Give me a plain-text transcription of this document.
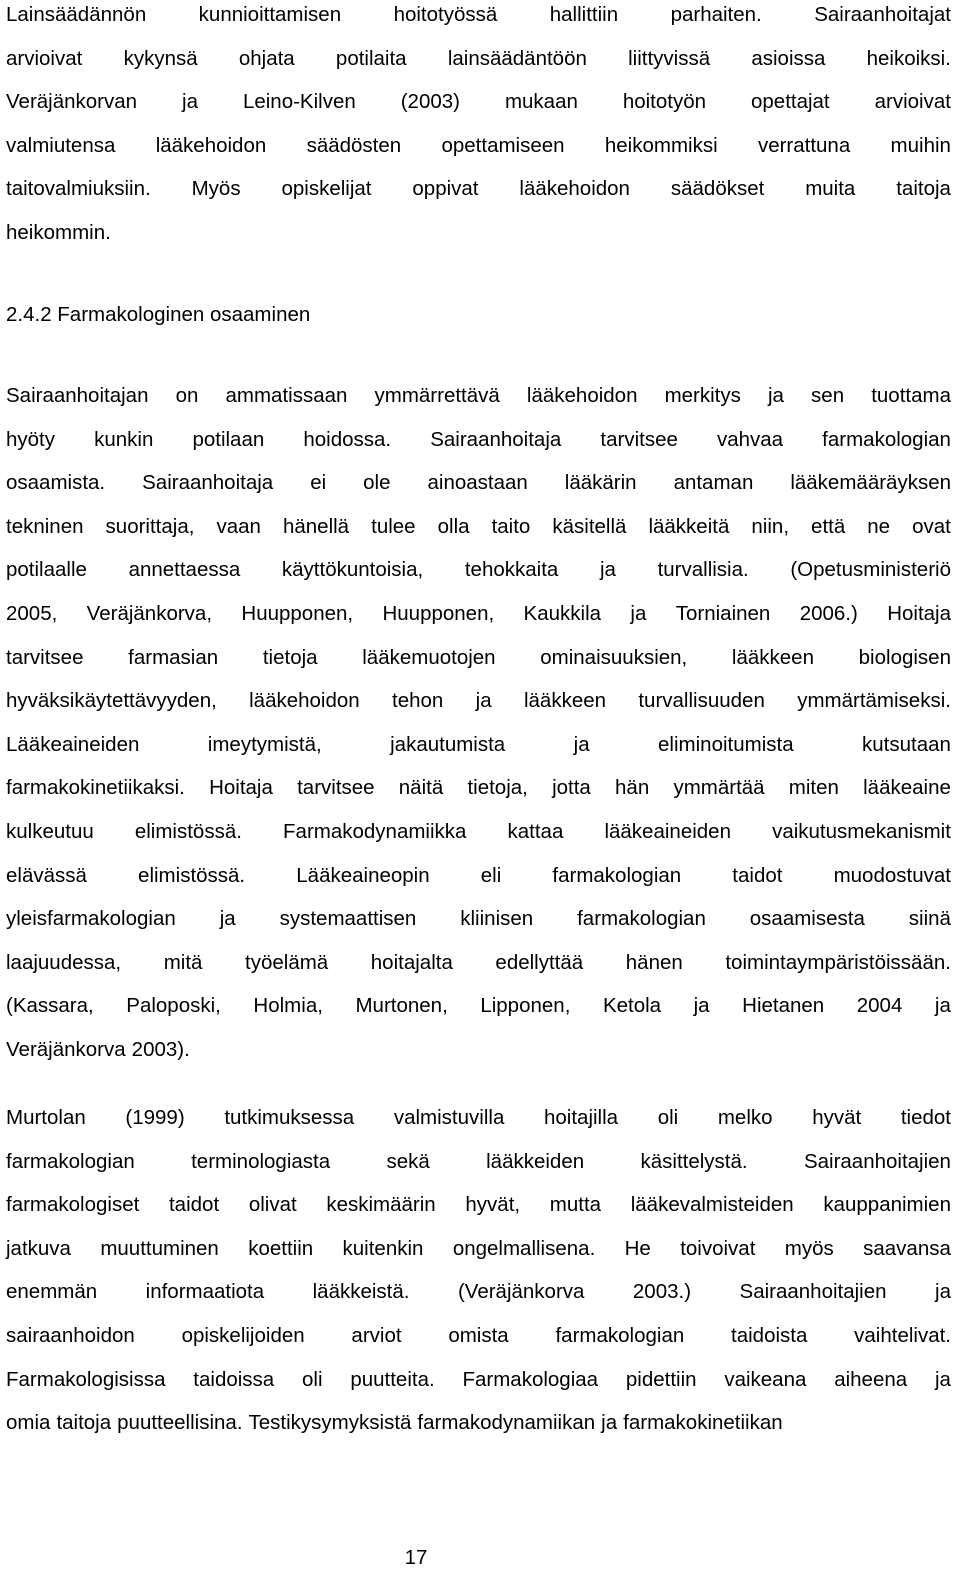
Lainsäädännön	kunnioittamisen	hoitotyössä	hallittiin	parhaiten.	Sairaanhoitajat
arvioivat kykynsä ohjata potilaita lainsäädäntöön liittyvissä asioissa heikoiksi.
Veräjänkorvan ja Leino-Kilven (2003) mukaan hoitotyön opettajat arvioivat
valmiutensa lääkehoidon säädösten opettamiseen heikommiksi verrattuna muihin
taitovalmiuksiin. Myös opiskelijat oppivat lääkehoidon säädökset muita taitoja
heikommin.
2.4.2 Farmakologinen osaaminen
Sairaanhoitajan on ammatissaan ymmärrettävä lääkehoidon merkitys ja sen tuottama
hyöty kunkin potilaan hoidossa. Sairaanhoitaja tarvitsee vahvaa farmakologian
osaamista. Sairaanhoitaja ei ole ainoastaan lääkärin antaman lääkemääräyksen
tekninen suorittaja, vaan hänellä tulee olla taito käsitellä lääkkeitä niin, että ne ovat
potilaalle annettaessa käyttökuntoisia, tehokkaita ja turvallisia. (Opetusministeriö
2005, Veräjänkorva, Huupponen, Huupponen, Kaukkila ja Torniainen 2006.) Hoitaja
tarvitsee farmasian tietoja lääkemuotojen ominaisuuksien, lääkkeen biologisen
hyväksikäytettävyyden, lääkehoidon tehon ja lääkkeen turvallisuuden ymmärtämiseksi.
Lääkeaineiden	imeytymistä,	jakautumista	ja	eliminoitumista	kutsutaan
farmakokinetiikaksi. Hoitaja tarvitsee näitä tietoja, jotta hän ymmärtää miten lääkeaine
kulkeutuu elimistössä. Farmakodynamiikka kattaa lääkeaineiden vaikutusmekanismit
elävässä elimistössä. Lääkeaineopin eli farmakologian taidot muodostuvat
yleisfarmakologian ja systemaattisen kliinisen farmakologian osaamisesta siinä
laajuudessa, mitä työelämä hoitajalta edellyttää hänen toimintaympäristöissään.
(Kassara, Paloposki, Holmia, Murtonen, Lipponen, Ketola ja Hietanen 2004 ja
Veräjänkorva 2003).
Murtolan (1999) tutkimuksessa valmistuvilla hoitajilla oli melko hyvät tiedot
farmakologian	terminologiasta	sekä	lääkkeiden	käsittelystä.	Sairaanhoitajien
farmakologiset taidot olivat keskimäärin hyvät, mutta lääkevalmisteiden kauppanimien
jatkuva muuttuminen koettiin kuitenkin ongelmallisena. He toivoivat myös saavansa
enemmän informaatiota lääkkeistä. (Veräjänkorva 2003.) Sairaanhoitajien ja
sairaanhoidon opiskelijoiden arviot omista farmakologian taidoista vaihtelivat.
Farmakologisissa taidoissa oli puutteita. Farmakologiaa pidettiin vaikeana aiheena ja
omia taitoja puutteellisina. Testikysymyksistä farmakodynamiikan ja farmakokinetiikan
17
